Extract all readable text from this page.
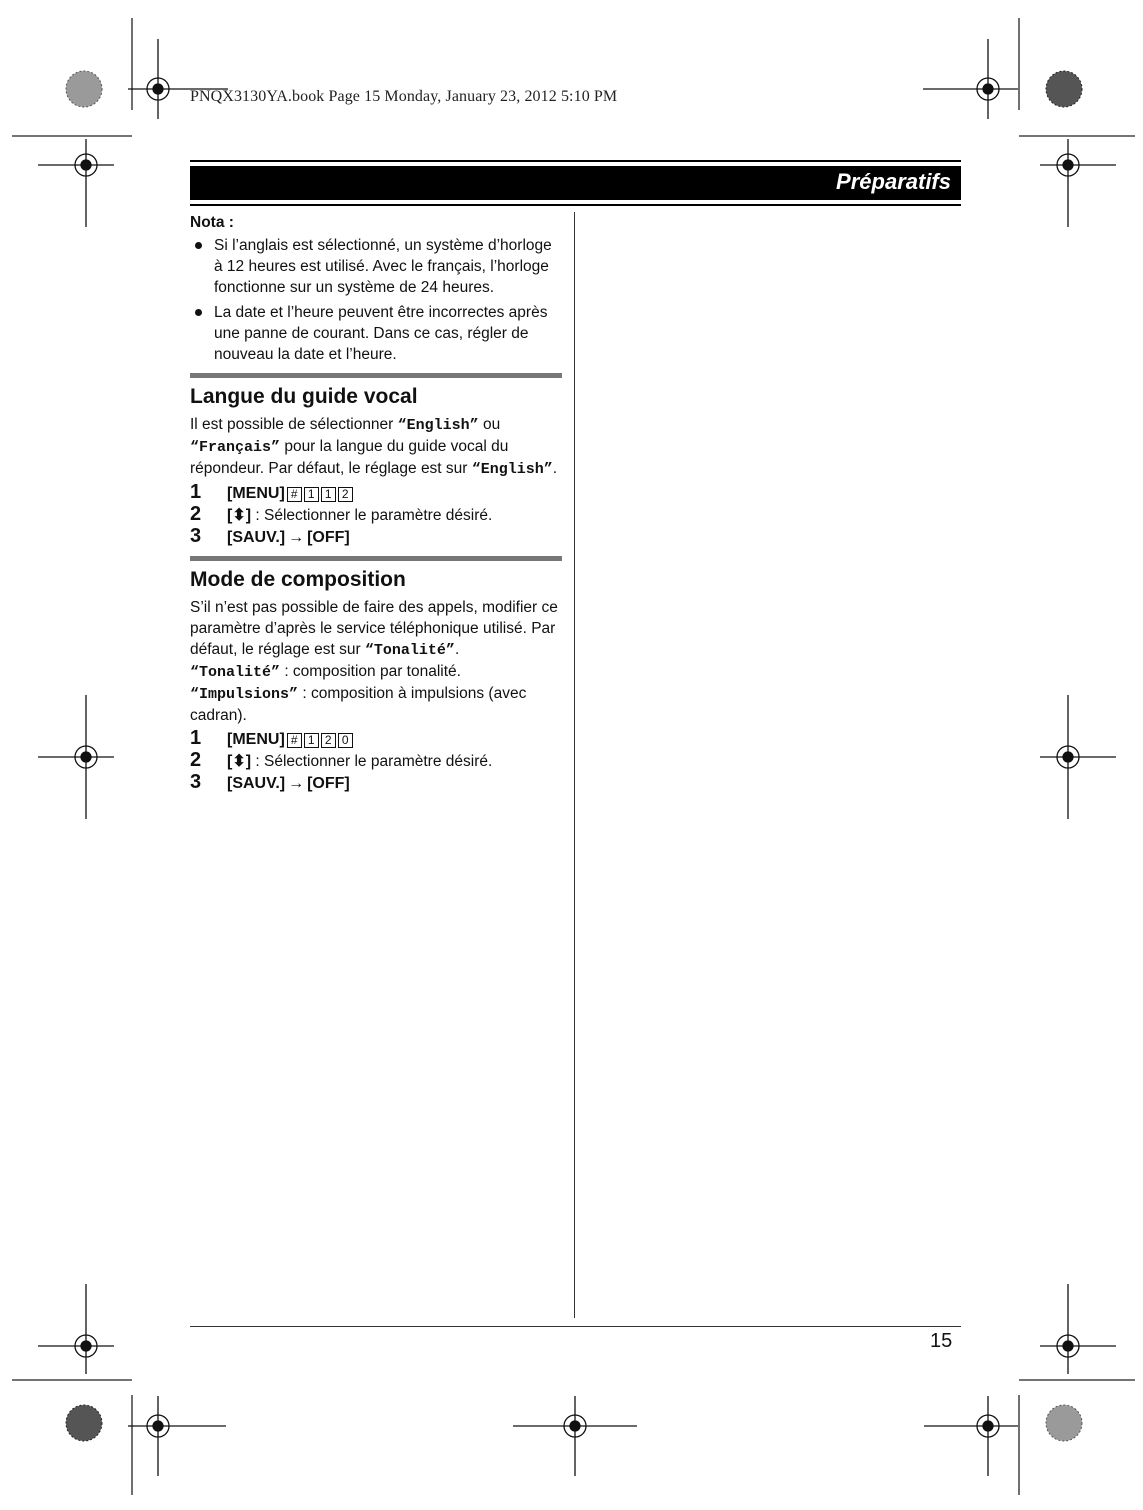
PNQX3130YA.book Page 15 Monday, January 23, 2012 5:10 PM
Préparatifs
Nota :
Si l’anglais est sélectionné, un système d’horloge à 12 heures est utilisé. Avec le français, l’horloge fonctionne sur un système de 24 heures.
La date et l’heure peuvent être incorrectes après une panne de courant. Dans ce cas, régler de nouveau la date et l’heure.
Langue du guide vocal

Il est possible de sélectionner “English” ou “Français” pour la langue du guide vocal du répondeur. Par défaut, le réglage est sur “English”.

1	[MENU] # 1 1 2
2	[⬍] : Sélectionner le paramètre désiré.
3	[SAUV.] → [OFF]
Mode de composition

S’il n’est pas possible de faire des appels, modifier ce paramètre d’après le service téléphonique utilisé. Par défaut, le réglage est sur “Tonalité”.

“Tonalité” : composition par tonalité.

“Impulsions” : composition à impulsions (avec cadran).

1	[MENU] # 1 2 0
2	[⬍] : Sélectionner le paramètre désiré.
3	[SAUV.] → [OFF]
15
